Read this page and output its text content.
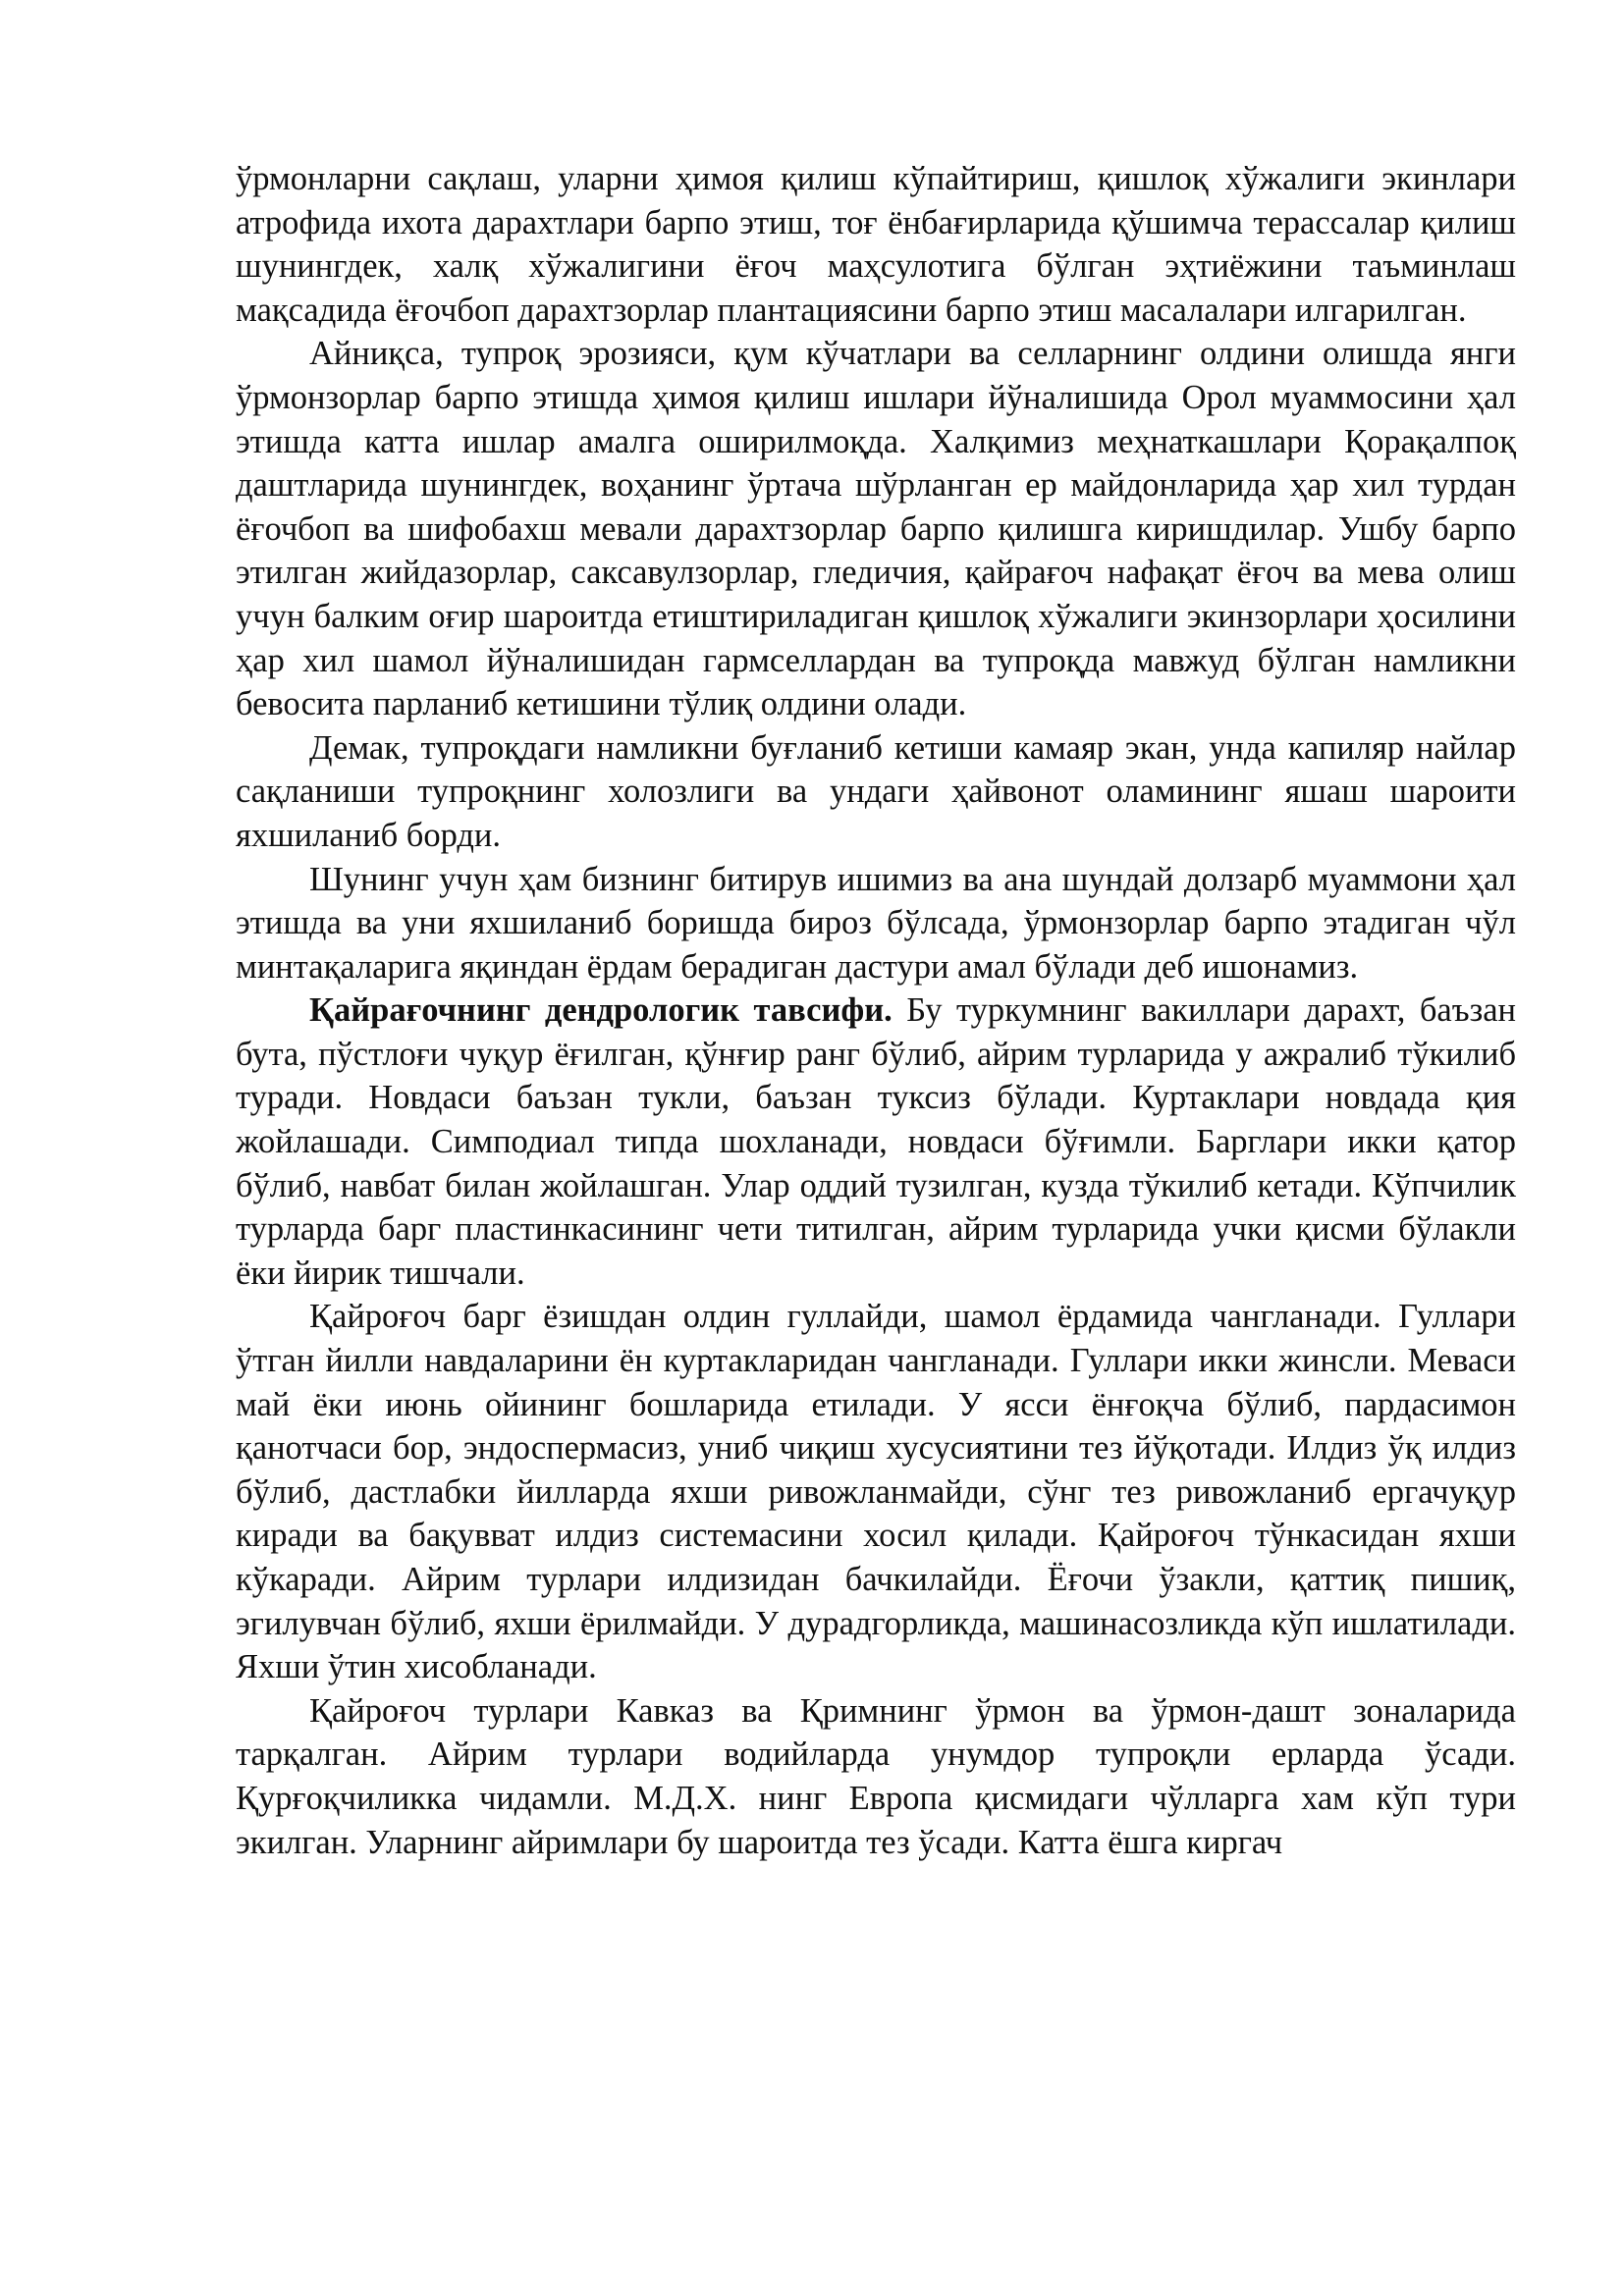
ўрмонларни сақлаш, уларни ҳимоя қилиш кўпайтириш, қишлоқ хўжалиги экинлари атрофида ихота дарахтлари барпо этиш, тоғ ёнбағирларида қўшимча терассалар қилиш шунингдек, халқ хўжалигини ёғоч маҳсулотига бўлган эҳтиёжини таъминлаш мақсадида ёғочбоп дарахтзорлар плантациясини барпо этиш масалалари илгарилган.

Айниқса, тупроқ эрозияси, қум кўчатлари ва селларнинг олдини олишда янги ўрмонзорлар барпо этишда ҳимоя қилиш ишлари йўналишида Орол муаммосини ҳал этишда катта ишлар амалга оширилмоқда. Халқимиз меҳнаткашлари Қорақалпоқ даштларида шунингдек, воҳанинг ўртача шўрланган ер майдонларида ҳар хил турдан ёғочбоп ва шифобахш мевали дарахтзорлар барпо қилишга киришдилар. Ушбу барпо этилган жийдазорлар, саксавулзорлар, гледичия, қайрағоч нафақат ёғоч ва мева олиш учун балким оғир шароитда етиштириладиган қишлоқ хўжалиги экинзорлари ҳосилини ҳар хил шамол йўналишидан гармселлардан ва тупроқда мавжуд бўлган намликни бевосита парланиб кетишини тўлиқ олдини олади.

Демак, тупроқдаги намликни буғланиб кетиши камаяр экан, унда капиляр найлар сақланиши тупроқнинг холозлиги ва ундаги ҳайвонот оламининг яшаш шароити яхшиланиб борди.

Шунинг учун ҳам бизнинг битирув ишимиз ва ана шундай долзарб муаммони ҳал этишда ва уни яхшиланиб боришда бироз бўлсада, ўрмонзорлар барпо этадиган чўл минтақаларига яқиндан ёрдам берадиган дастури амал бўлади деб ишонамиз.

Қайрағочнинг дендрологик тавсифи. Бу туркумнинг вакиллари дарахт, баъзан бута, пўстлоғи чуқур ёғилган, қўнғир ранг бўлиб, айрим турларида у ажралиб тўкилиб туради. Новдаси баъзан тукли, баъзан туксиз бўлади. Куртаклари новдада қия жойлашади. Симподиал типда шохланади, новдаси бўғимли. Барглари икки қатор бўлиб, навбат билан жойлашган. Улар оддий тузилган, кузда тўкилиб кетади. Кўпчилик турларда барг пластинкасининг чети титилган, айрим турларида учки қисми бўлакли ёки йирик тишчали.

Қайроғоч барг ёзишдан олдин гуллайди, шамол ёрдамида чангланади. Гуллари ўтган йилли навдаларини ён куртакларидан чангланади. Гуллари икки жинсли. Меваси май ёки июнь ойининг бошларида етилади. У ясси ёнғоқча бўлиб, пардасимон қанотчаси бор, эндоспермасиз, униб чиқиш хусусиятини тез йўқотади. Илдиз ўқ илдиз бўлиб, дастлабки йилларда яхши ривожланмайди, сўнг тез ривожланиб ергачуқур киради ва бақувват илдиз системасини хосил қилади. Қайроғоч тўнкасидан яхши кўкаради. Айрим турлари илдизидан бачкилайди. Ёғочи ўзакли, қаттиқ пишиқ, эгилувчан бўлиб, яхши ёрилмайди. У дурадгорликда, машинасозликда кўп ишлатилади. Яхши ўтин хисобланади.

Қайроғоч турлари Кавказ ва Қримнинг ўрмон ва ўрмон-дашт зоналарида тарқалган. Айрим турлари водийларда унумдор тупроқли ерларда ўсади. Қурғоқчиликка чидамли. М.Д.Х. нинг Европа қисмидаги чўлларга хам кўп тури экилган. Уларнинг айримлари бу шароитда тез ўсади. Катта ёшга киргач
